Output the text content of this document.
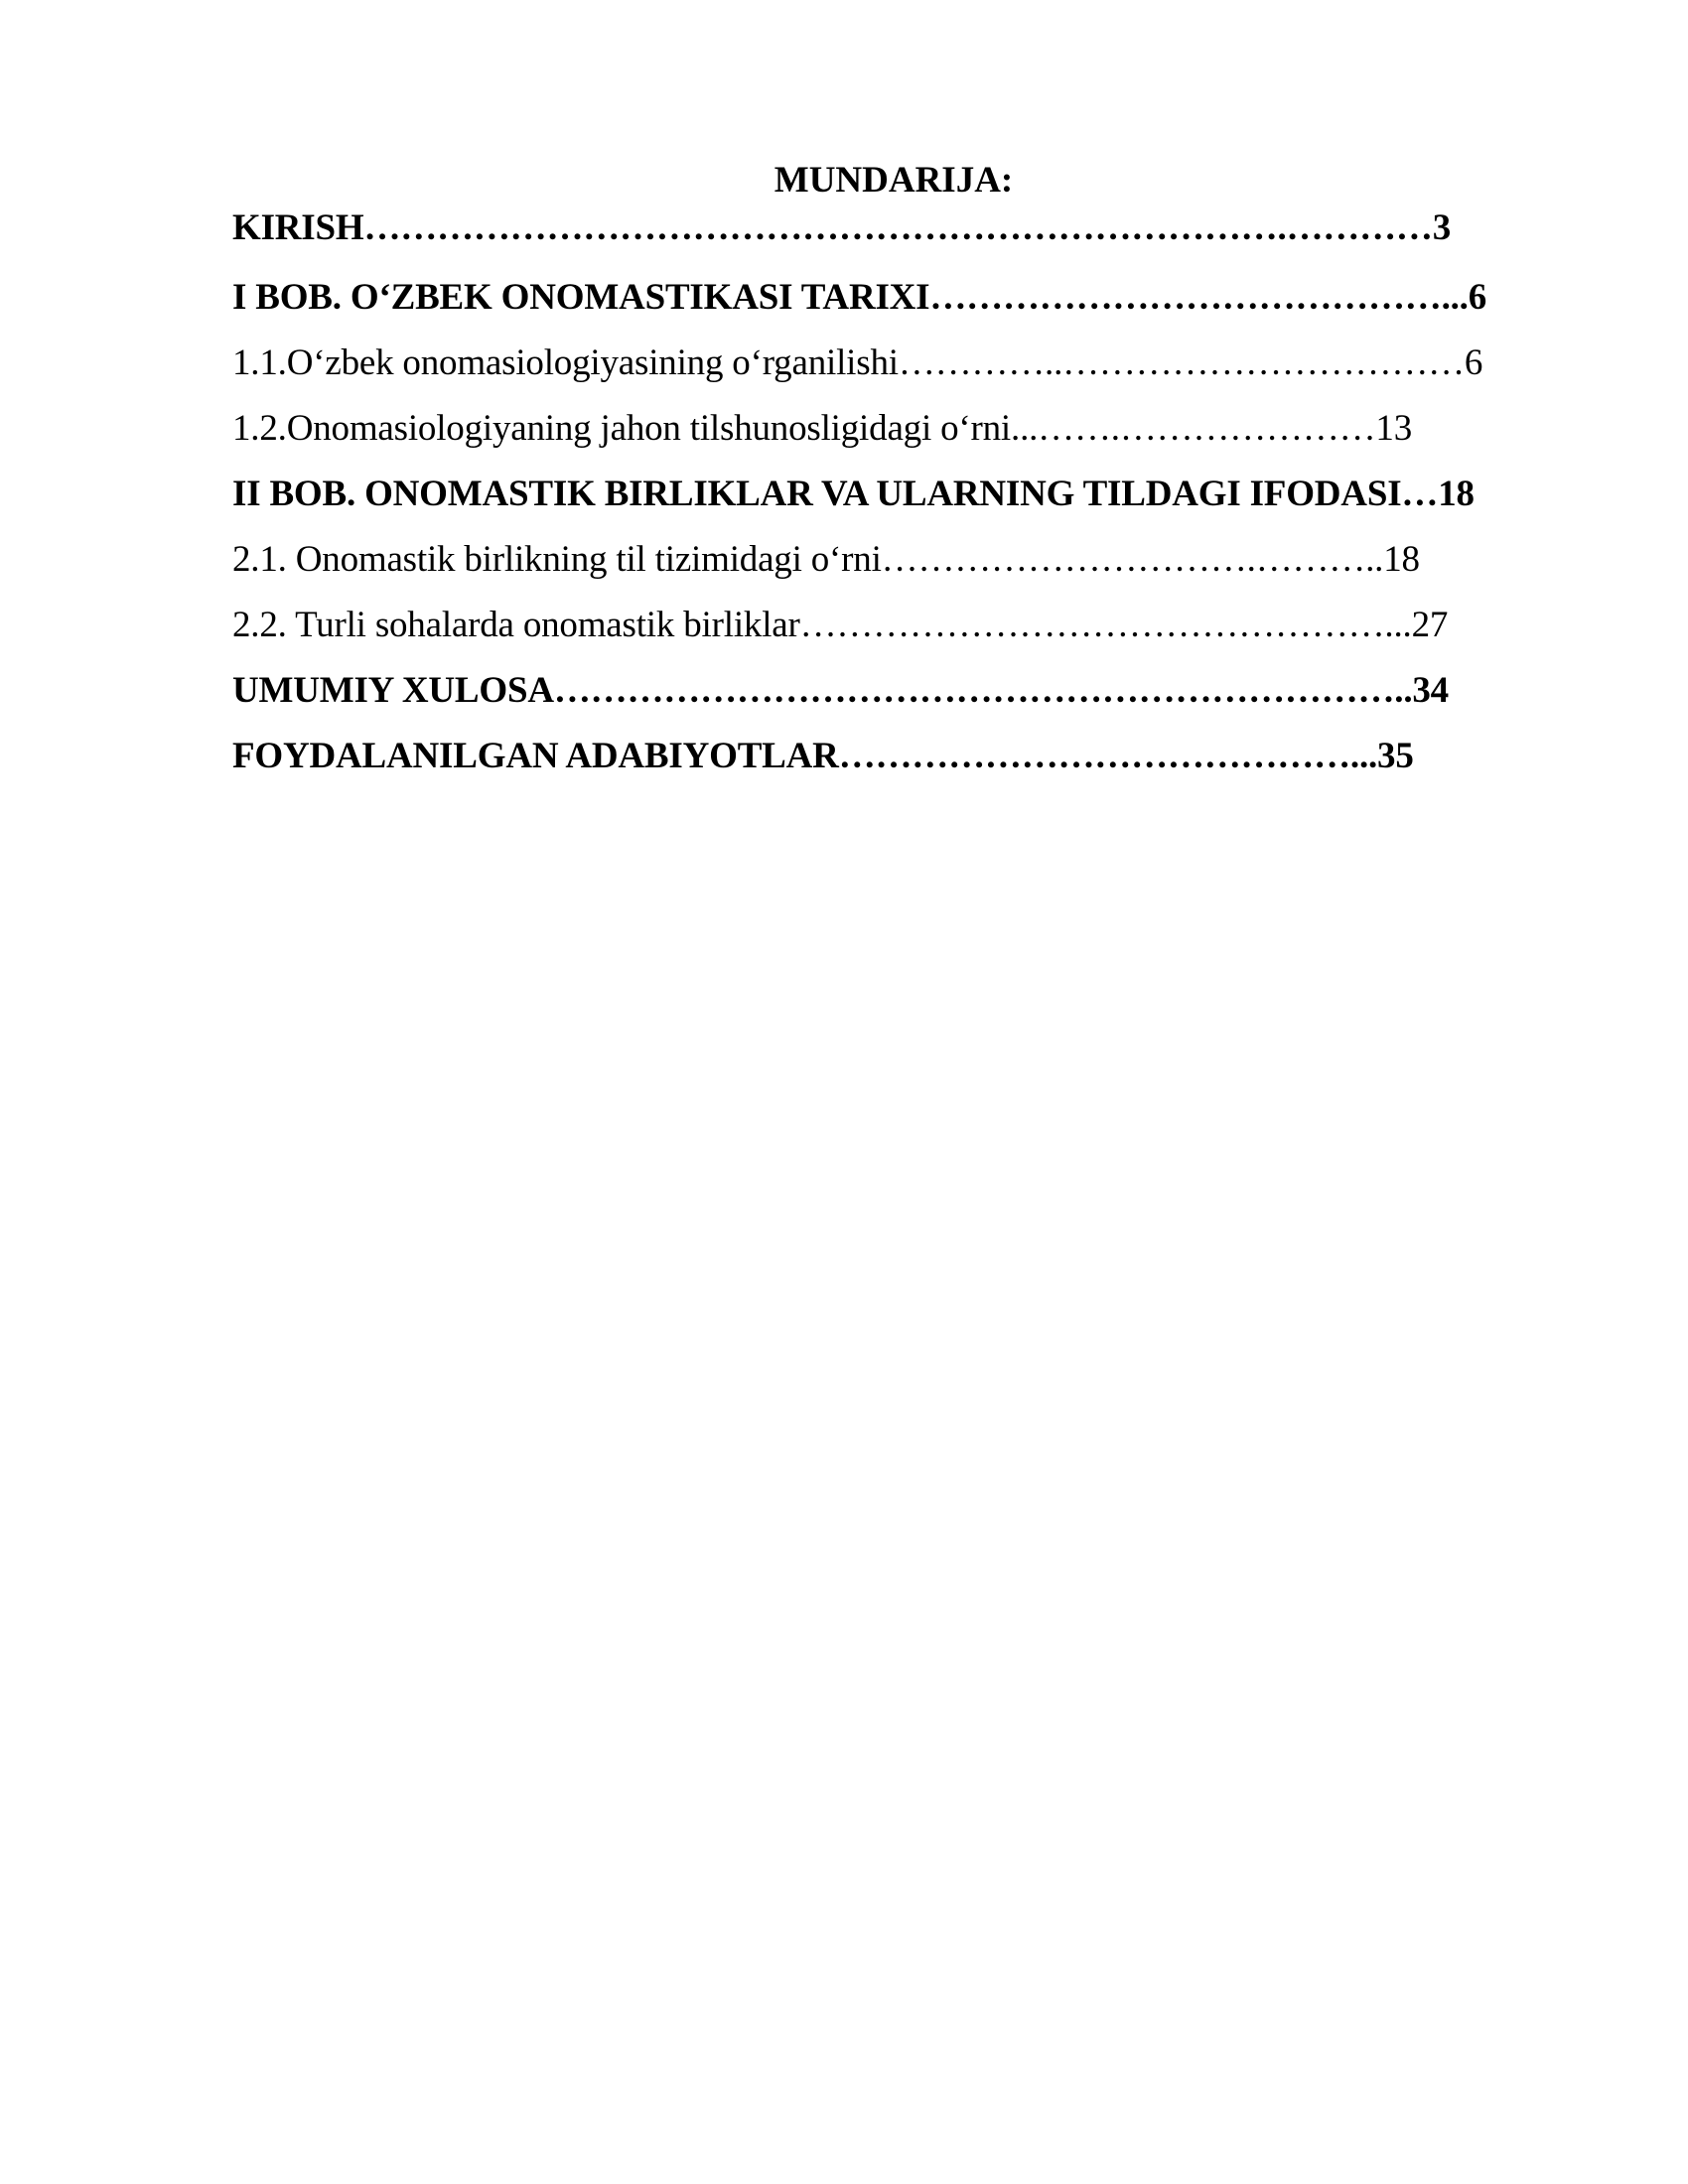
MUNDARIJA:
KIRISH………………………………………………………………….…………3
I BOB. O‘ZBEK ONOMASTIKASI TARIXI……………………………………...6
1.1.O‘zbek onomasiologiyasining o‘rganilishi…………..……………………………6
1.2.Onomasiologiyaning jahon tilshunosligidagi o‘rni...…….…………………13
II BOB. ONOMASTIK BIRLIKLAR VA ULARNING TILDAGI IFODASI…18
2.1. Onomastik birlikning til tizimidagi o‘rni………………………….………..18
2.2. Turli sohalarda onomastik birliklar…………………………………………...27
UMUMIY XULOSA……………………………………………………………..34
FOYDALANILGAN ADABIYOTLAR……………………………………...35
